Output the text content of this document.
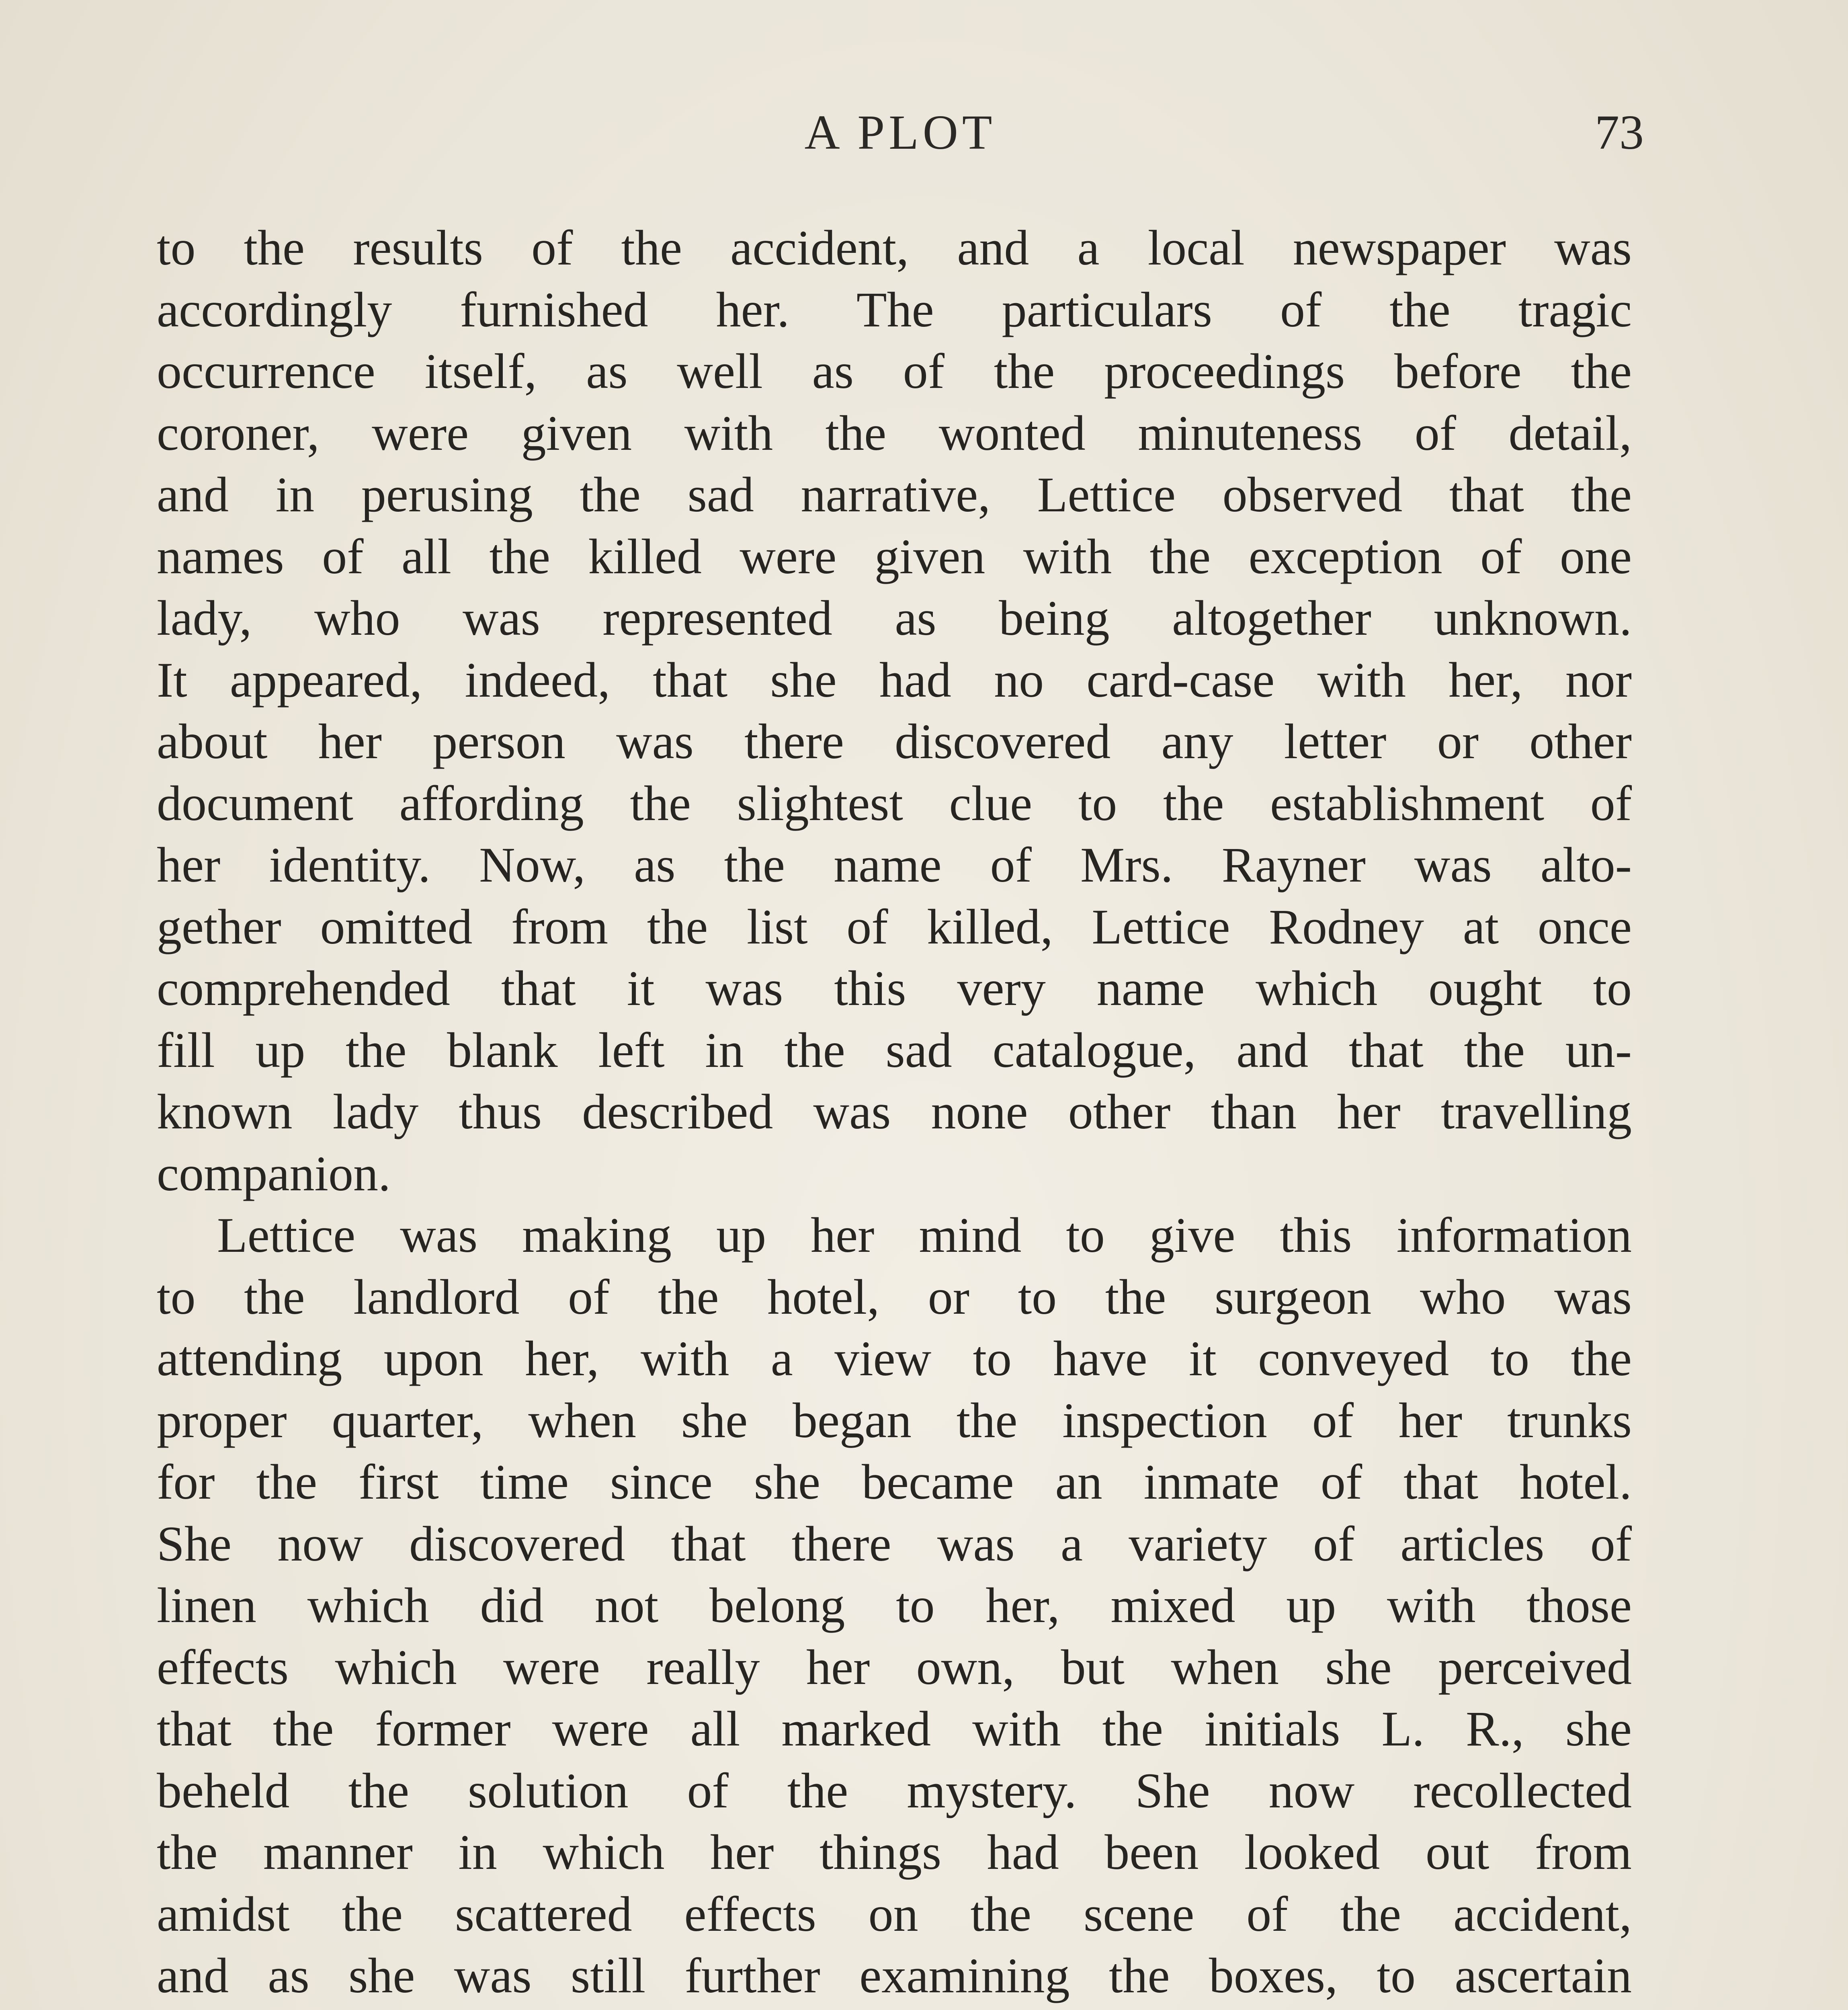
A PLOT	73
to the results of the accident, and a local newspaper was
accordingly furnished her. The particulars of the tragic
occurrence itself, as well as of the proceedings before the
coroner, were given with the wonted minuteness of detail,
and in perusing the sad narrative, Lettice observed that the
names of all the killed were given with the exception of one
lady, who was represented as being altogether unknown.
It appeared, indeed, that she had no card-case with her, nor
about her person was there discovered any letter or other
document affording the slightest clue to the establishment of
her identity. Now, as the name of Mrs. Rayner was alto-
gether omitted from the list of killed, Lettice Rodney at once
comprehended that it was this very name which ought to
fill up the blank left in the sad catalogue, and that the un-
known lady thus described was none other than her travelling
companion.
Lettice was making up her mind to give this information
to the landlord of the hotel, or to the surgeon who was
attending upon her, with a view to have it conveyed to the
proper quarter, when she began the inspection of her trunks
for the first time since she became an inmate of that hotel.
She now discovered that there was a variety of articles of
linen which did not belong to her, mixed up with those
effects which were really her own, but when she perceived
that the former were all marked with the initials L. R., she
beheld the solution of the mystery. She now recollected
the manner in which her things had been looked out from
amidst the scattered effects on the scene of the accident,
and as she was still further examining the boxes, to ascertain
